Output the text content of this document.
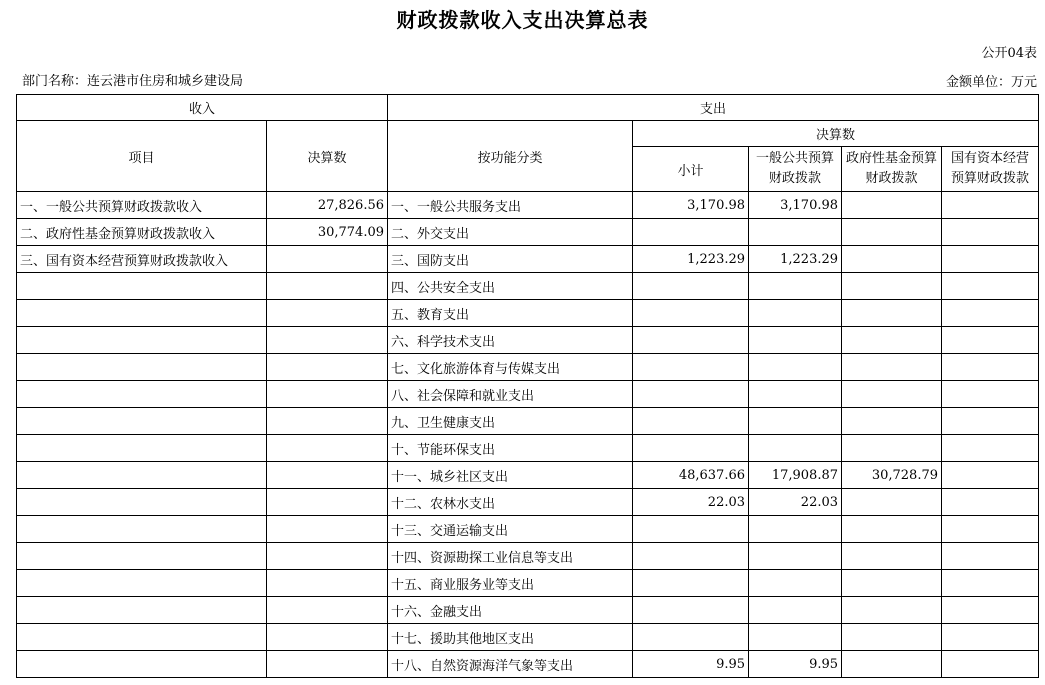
财政拨款收入支出决算总表
公开04表
部门名称：连云港市住房和城乡建设局	金额单位：万元
收入		支出				
项目	决算数	按功能分类	决算数			
			小计	一般公共预算财政拨款	政府性基金预算财政拨款	国有资本经营预算财政拨款
一、一般公共预算财政拨款收入	27,826.56	一、一般公共服务支出	3,170.98	3,170.98		
二、政府性基金预算财政拨款收入	30,774.09	二、外交支出				
三、国有资本经营预算财政拨款收入		三、国防支出	1,223.29	1,223.29		
		四、公共安全支出				
		五、教育支出				
		六、科学技术支出				
		七、文化旅游体育与传媒支出				
		八、社会保障和就业支出				
		九、卫生健康支出				
		十、节能环保支出				
		十一、城乡社区支出	48,637.66	17,908.87	30,728.79	
		十二、农林水支出	22.03	22.03		
		十三、交通运输支出				
		十四、资源勘探工业信息等支出				
		十五、商业服务业等支出				
		十六、金融支出				
		十七、援助其他地区支出				
		十八、自然资源海洋气象等支出	9.95	9.95		
